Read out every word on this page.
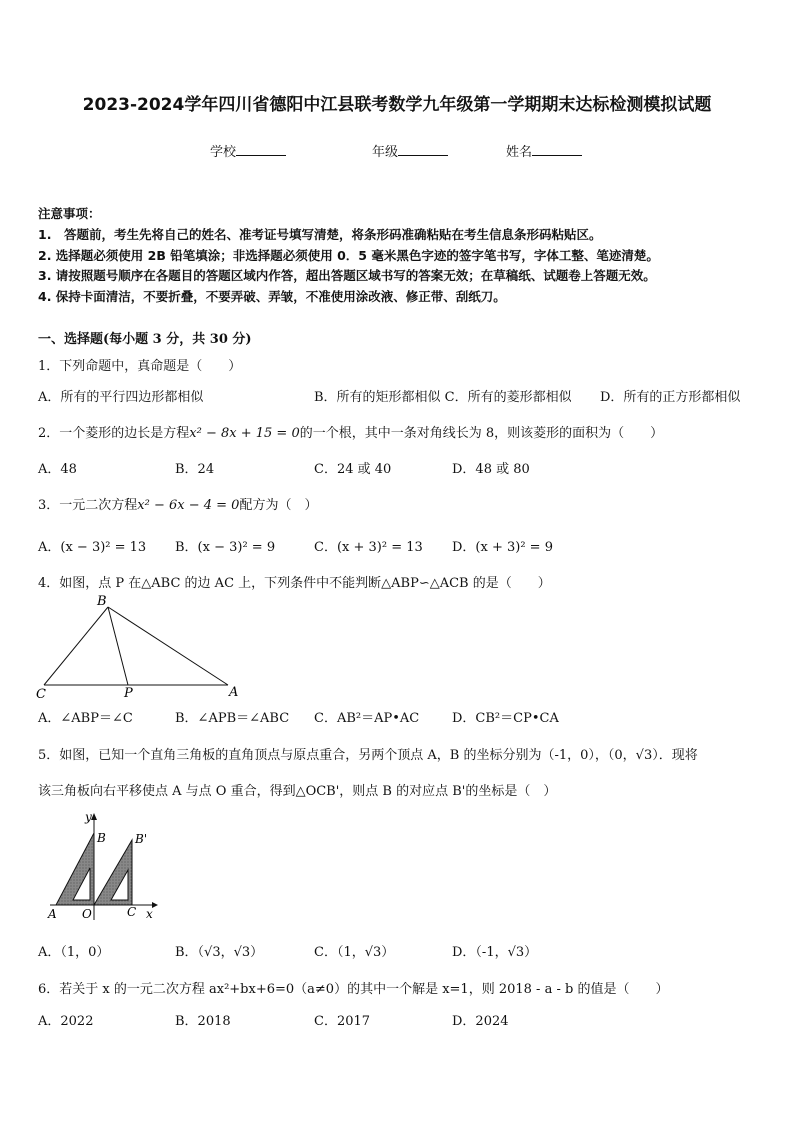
2023-2024学年四川省德阳中江县联考数学九年级第一学期期末达标检测模拟试题
学校	年级	姓名
注意事项：
1.　答题前，考生先将自己的姓名、准考证号填写清楚，将条形码准确粘贴在考生信息条形码粘贴区。
2. 选择题必须使用 2B 铅笔填涂；非选择题必须使用 0．5 毫米黑色字迹的签字笔书写，字体工整、笔迹清楚。
3. 请按照题号顺序在各题目的答题区域内作答，超出答题区域书写的答案无效；在草稿纸、试题卷上答题无效。
4. 保持卡面清洁，不要折叠，不要弄破、弄皱，不准使用涂改液、修正带、刮纸刀。
一、选择题(每小题 3 分，共 30 分)
1．下列命题中，真命题是（　　）
A．所有的平行四边形都相似	B．所有的矩形都相似 C．所有的菱形都相似 D．所有的正方形都相似
2．一个菱形的边长是方程x² − 8x + 15 = 0的一个根，其中一条对角线长为 8，则该菱形的面积为（　　）
A．48	B．24	C．24 或 40	D．48 或 80
3．一元二次方程x² − 6x − 4 = 0配方为（　）
A．(x − 3)² = 13 B．(x − 3)² = 9	C．(x + 3)² = 13 D．(x + 3)² = 9
4．如图，点 P 在△ABC 的边 AC 上，下列条件中不能判断△ABP∽△ACB 的是（　　）
B
C	P	A
A．∠ABP＝∠C	B．∠APB＝∠ABC C．AB²＝AP•AC	D．CB²＝CP•CA
5．如图，已知一个直角三角板的直角顶点与原点重合，另两个顶点 A，B 的坐标分别为（-1，0），（0，√3）．现将
该三角板向右平移使点 A 与点 O 重合，得到△OCB'，则点 B 的对应点 B'的坐标是（　）
y
x
B B'
A O	C
A．（1，0）	B．（√3，√3）	C．（1，√3）	D．（-1，√3）
6．若关于 x 的一元二次方程 ax²+bx+6=0（a≠0）的其中一个解是 x=1，则 2018 - a - b 的值是（　　）
A．2022	B．2018	C．2017	D．2024
